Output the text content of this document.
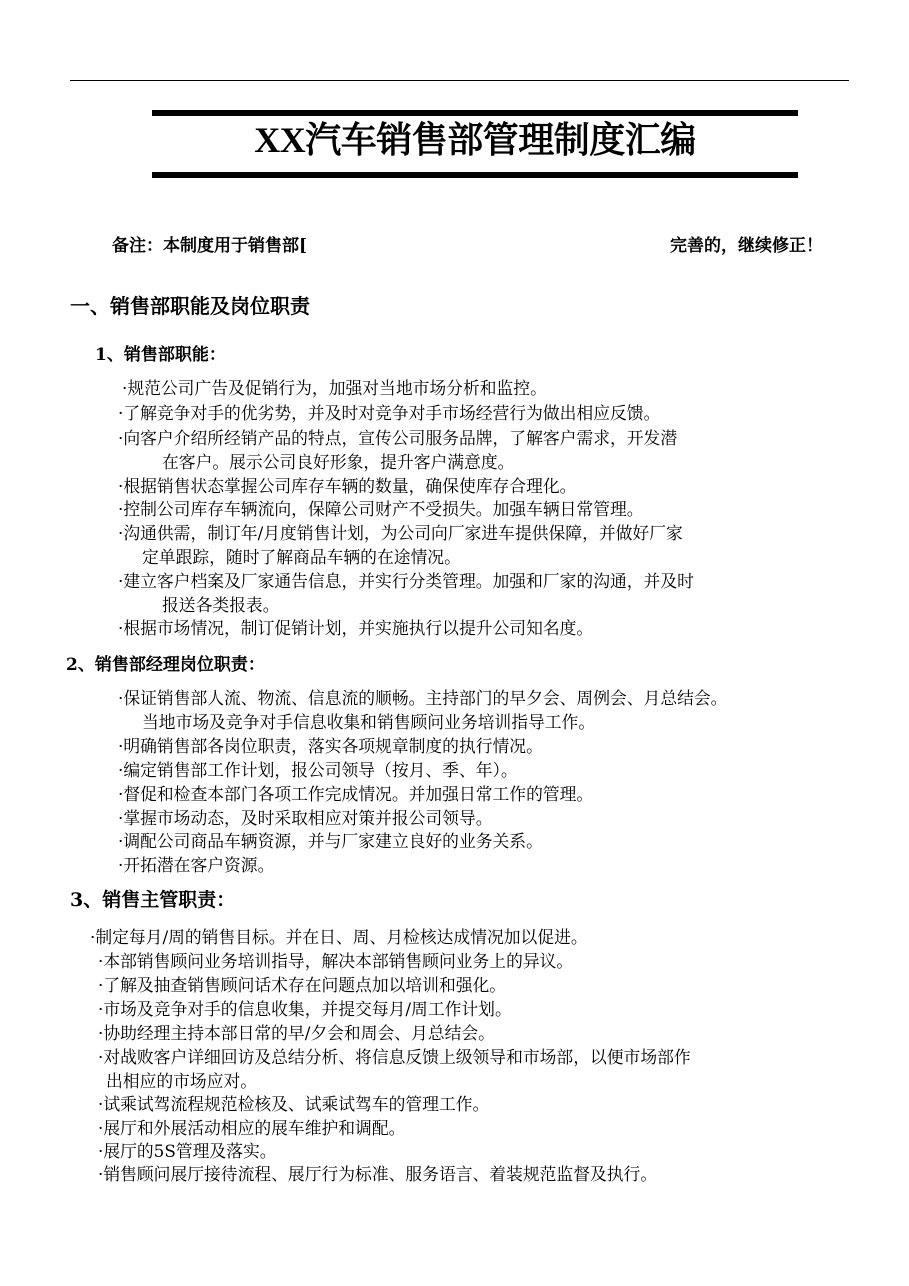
XX汽车销售部管理制度汇编
备注：本制度用于销售部[	完善的，继续修正！
一、销售部职能及岗位职责
1、销售部职能：
·规范公司广告及促销行为，加强对当地市场分析和监控。
·了解竞争对手的优劣势，并及时对竞争对手市场经营行为做出相应反馈。
·向客户介绍所经销产品的特点，宣传公司服务品牌，了解客户需求，开发潜
在客户。展示公司良好形象，提升客户满意度。
·根据销售状态掌握公司库存车辆的数量，确保使库存合理化。
·控制公司库存车辆流向，保障公司财产不受损失。加强车辆日常管理。
·沟通供需，制订年/月度销售计划，为公司向厂家进车提供保障，并做好厂家
定单跟踪，随时了解商品车辆的在途情况。
·建立客户档案及厂家通告信息，并实行分类管理。加强和厂家的沟通，并及时
报送各类报表。
·根据市场情况，制订促销计划，并实施执行以提升公司知名度。
2、销售部经理岗位职责：
·保证销售部人流、物流、信息流的顺畅。主持部门的早夕会、周例会、月总结会。
当地市场及竞争对手信息收集和销售顾问业务培训指导工作。
·明确销售部各岗位职责，落实各项规章制度的执行情况。
·编定销售部工作计划，报公司领导（按月、季、年）。
·督促和检查本部门各项工作完成情况。并加强日常工作的管理。
·掌握市场动态，及时采取相应对策并报公司领导。
·调配公司商品车辆资源，并与厂家建立良好的业务关系。
·开拓潜在客户资源。
3、销售主管职责：
·制定每月/周的销售目标。并在日、周、月检核达成情况加以促进。
·本部销售顾问业务培训指导，解决本部销售顾问业务上的异议。
·了解及抽查销售顾问话术存在问题点加以培训和强化。
·市场及竞争对手的信息收集，并提交每月/周工作计划。
·协助经理主持本部日常的早/夕会和周会、月总结会。
·对战败客户详细回访及总结分析、将信息反馈上级领导和市场部，以便市场部作
出相应的市场应对。
·试乘试驾流程规范检核及、试乘试驾车的管理工作。
·展厅和外展活动相应的展车维护和调配。
·展厅的5S管理及落实。
·销售顾问展厅接待流程、展厅行为标准、服务语言、着装规范监督及执行。
